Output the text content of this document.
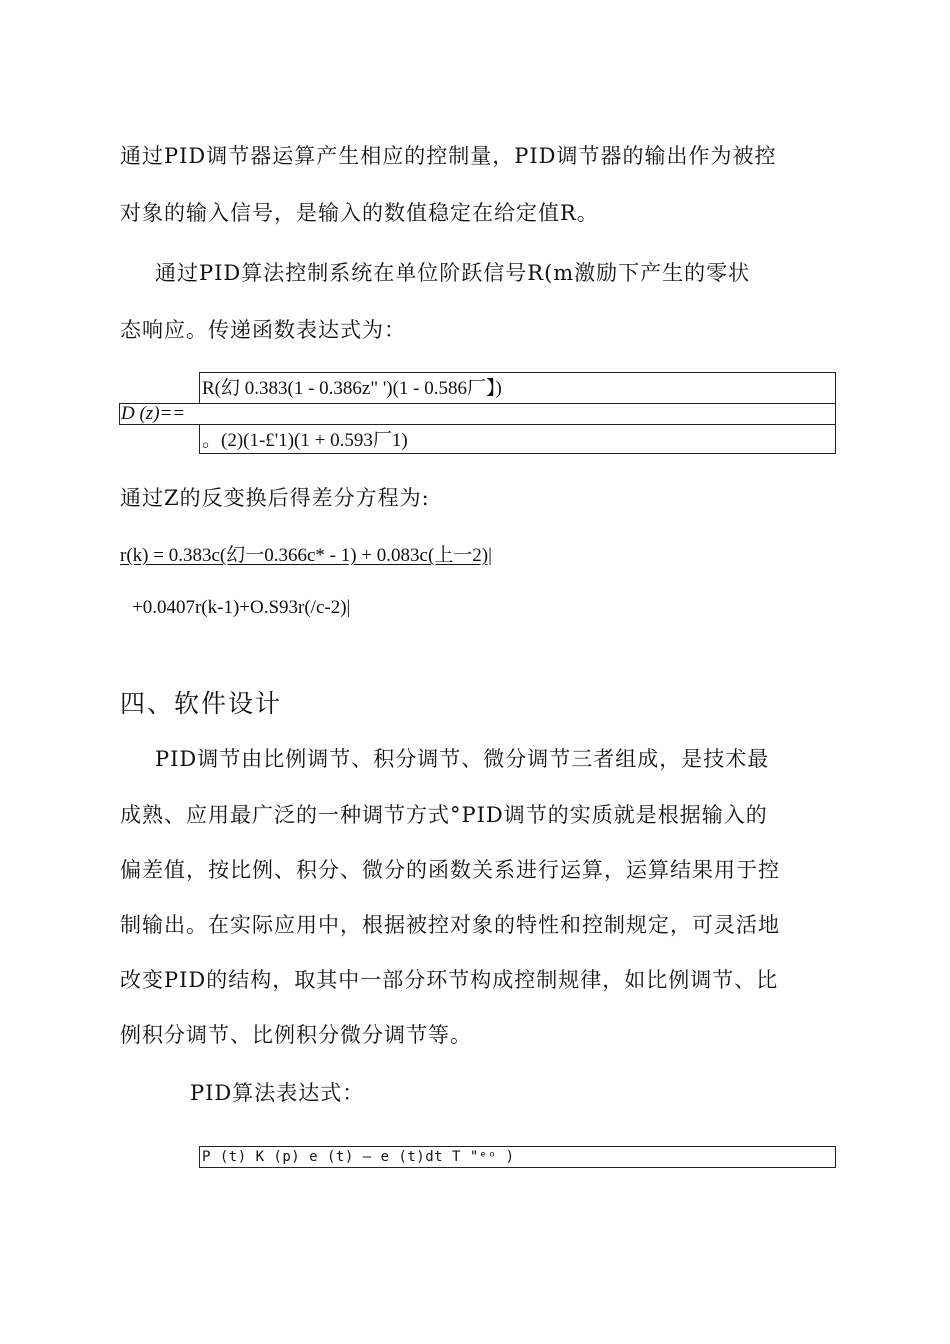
通过PID调节器运算产生相应的控制量，PID调节器的输出作为被控
对象的输入信号，是输入的数值稳定在给定值R。
通过PID算法控制系统在单位阶跃信号R(m激励下产生的零状
态响应。传递函数表达式为：
R(幻 0.383(1 - 0.386z" ')(1 - 0.586厂】)
D (z)==
。(2)(1-£'1)(1 + 0.593厂1)
通过Z的反变换后得差分方程为:
r(k) = 0.383c(幻一0.366c* - 1) + 0.083c(上一2)|
+0.0407r(k-1)+O.S93r(/c-2)|
四、软件设计
PID调节由比例调节、积分调节、微分调节三者组成，是技术最
成熟、应用最广泛的一种调节方式°PID调节的实质就是根据输入的
偏差值，按比例、积分、微分的函数关系进行运算，运算结果用于控
制输出。在实际应用中，根据被控对象的特性和控制规定，可灵活地
改变PID的结构，取其中一部分环节构成控制规律，如比例调节、比
例积分调节、比例积分微分调节等。
PID算法表达式：
P (t) K (p) e (t) — e (t)dt T "ᵉᵒ )
